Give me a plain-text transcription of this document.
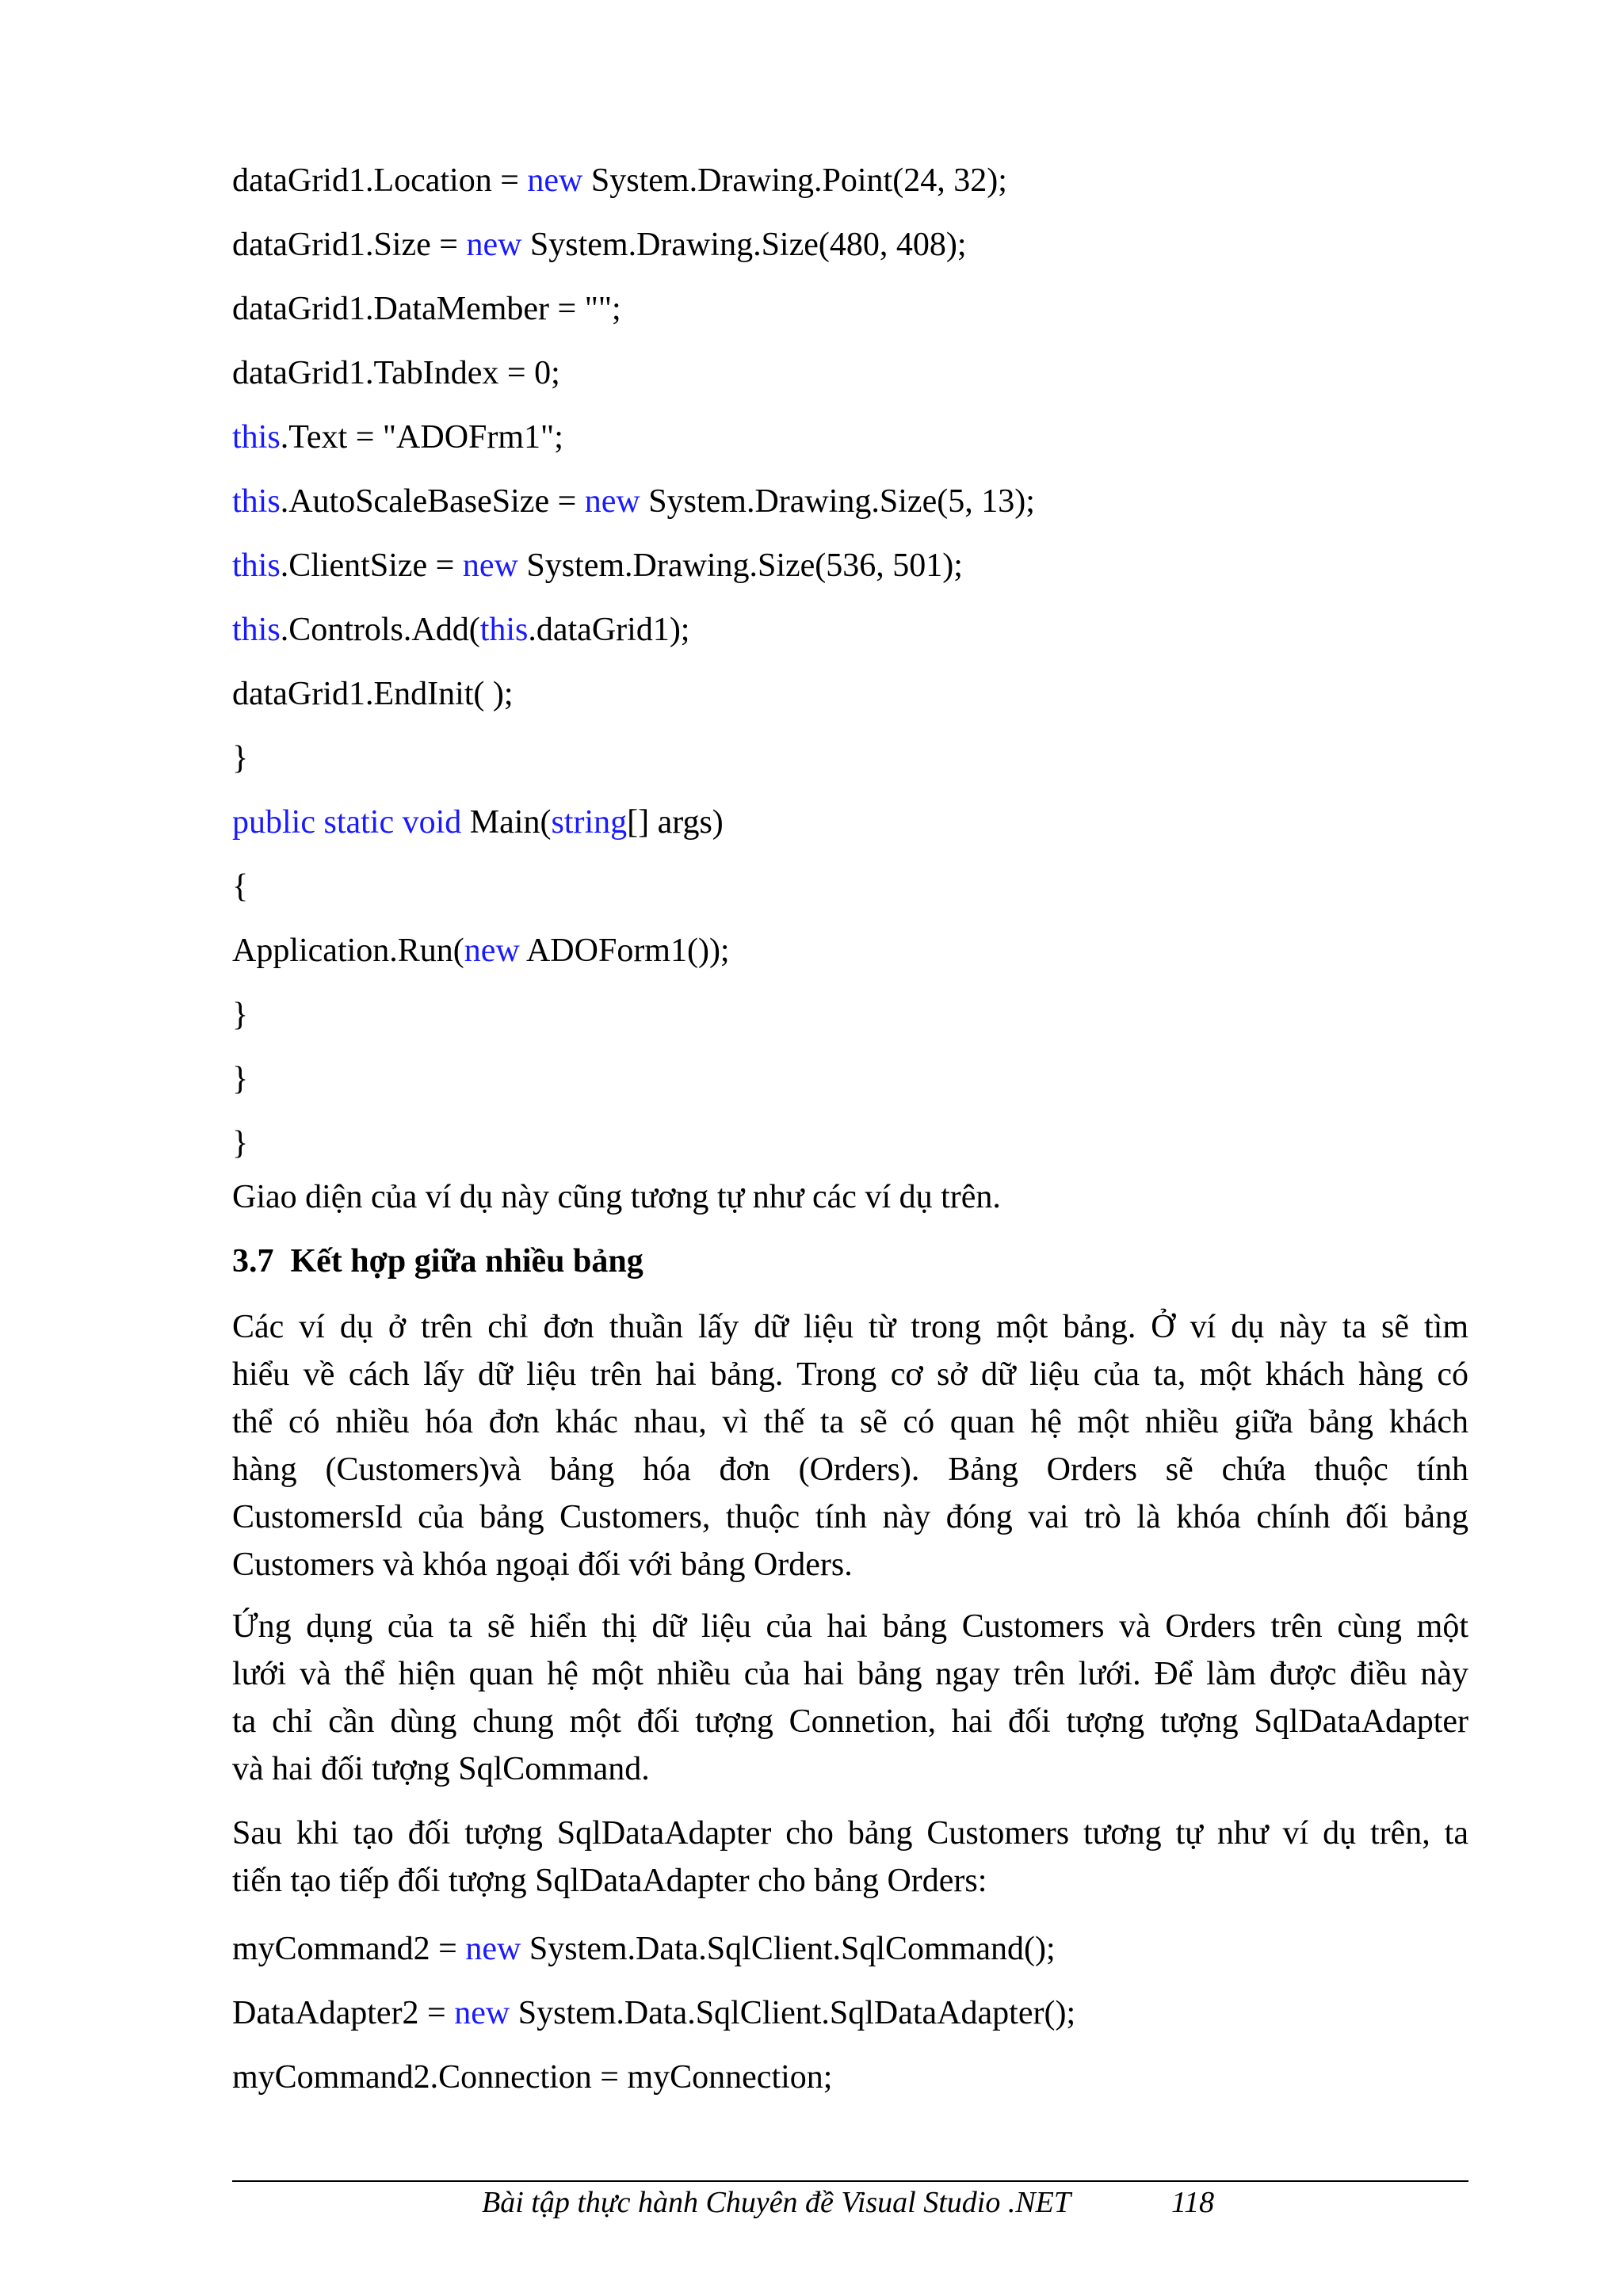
dataGrid1.Location = new System.Drawing.Point(24, 32);
dataGrid1.Size = new System.Drawing.Size(480, 408);
dataGrid1.DataMember = "";
dataGrid1.TabIndex = 0;
this.Text = "ADOFrm1";
this.AutoScaleBaseSize = new System.Drawing.Size(5, 13);
this.ClientSize = new System.Drawing.Size(536, 501);
this.Controls.Add(this.dataGrid1);
dataGrid1.EndInit( );
}
public static void Main(string[] args)
{
Application.Run(new ADOForm1());
}
}
}
Giao diện của ví dụ này cũng tương tự như các ví dụ trên.
3.7  Kết hợp giữa nhiều bảng
Các ví dụ ở trên chỉ đơn thuần lấy dữ liệu từ trong một bảng. Ở ví dụ này ta sẽ tìm
hiểu về cách lấy dữ liệu trên hai bảng. Trong cơ sở dữ liệu của ta, một khách hàng có
thể có nhiều hóa đơn khác nhau, vì thế ta sẽ có quan hệ một nhiều giữa bảng khách
hàng (Customers)và bảng hóa đơn (Orders). Bảng Orders sẽ chứa thuộc tính
CustomersId của bảng Customers, thuộc tính này đóng vai trò là khóa chính đối bảng
Customers và khóa ngoại đối với bảng Orders.
Ứng dụng của ta sẽ hiển thị dữ liệu của hai bảng Customers và Orders trên cùng một
lưới và thể hiện quan hệ một nhiều của hai bảng ngay trên lưới. Để làm được điều này
ta chỉ cần dùng chung một đối tượng Connetion, hai đối tượng tượng SqlDataAdapter
và hai đối tượng SqlCommand.
Sau khi tạo đối tượng SqlDataAdapter cho bảng Customers tương tự như ví dụ trên, ta
tiến tạo tiếp đối tượng SqlDataAdapter cho bảng Orders:
myCommand2 = new System.Data.SqlClient.SqlCommand();
DataAdapter2 = new System.Data.SqlClient.SqlDataAdapter();
myCommand2.Connection = myConnection;
Bài tập thực hành Chuyên đề Visual Studio .NET	118
